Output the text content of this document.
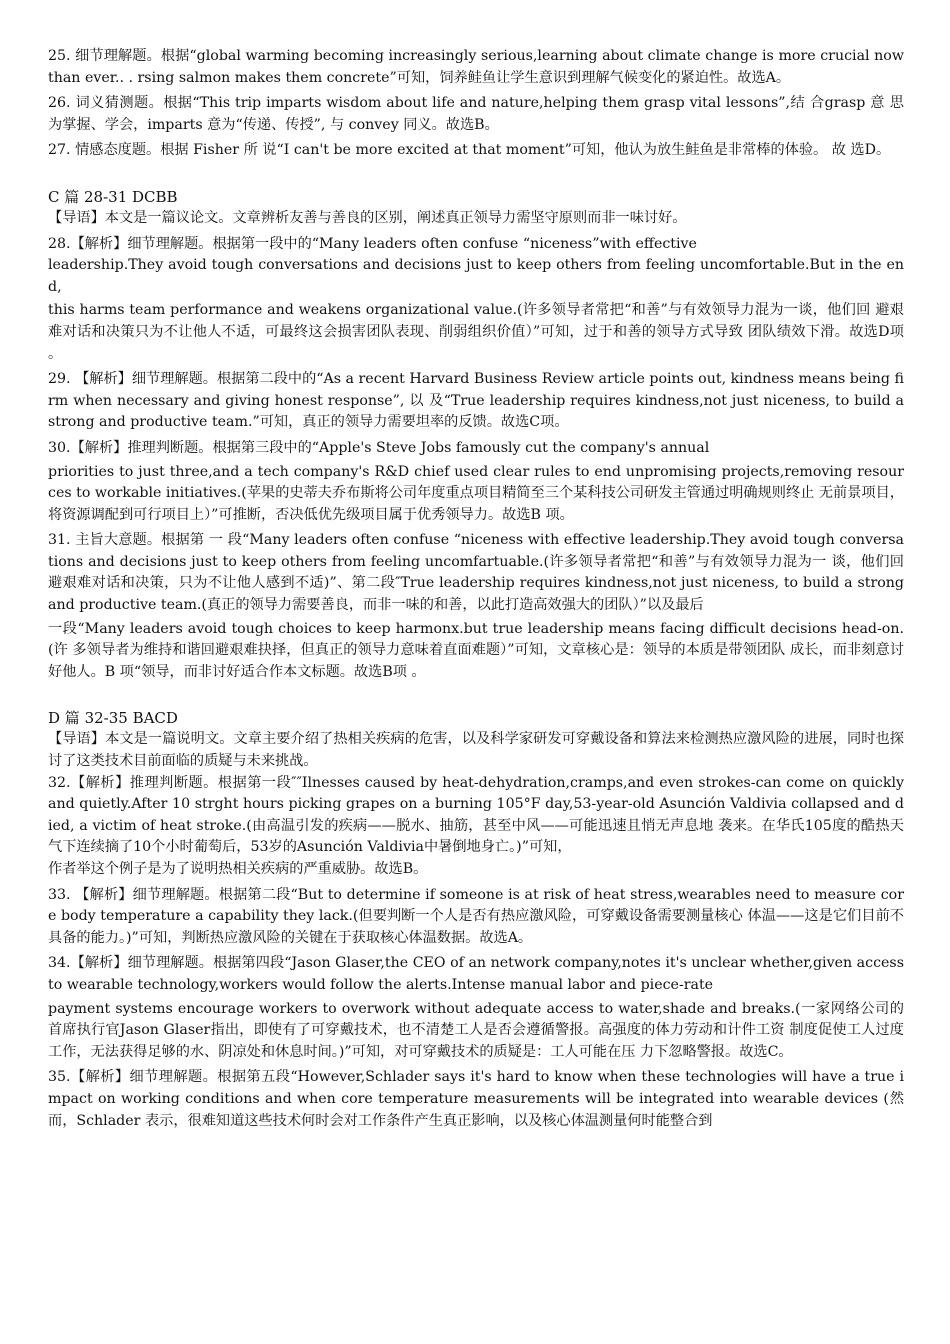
25. 细节理解题。根据“global warming becoming increasingly serious,learning about climate change is more crucial now than ever.. . rsing salmon makes them concrete”可知，饲养鲑鱼让学生意识到理解气候变化的紧迫性。故选A。

26. 词义猜测题。根据“This trip imparts wisdom about life and nature,helping them grasp vital lessons”,结 合grasp 意 思为掌握、学会，imparts 意为“传递、传授”, 与 convey 同义。故选B。

27. 情感态度题。根据 Fisher 所 说“I can't be more excited at that moment”可知，他认为放生鲑鱼是非常棒的体验。 故 选D。

C 篇 28-31 DCBB

【导语】本文是一篇议论文。文章辨析友善与善良的区别，阐述真正领导力需坚守原则而非一味讨好。

28.【解析】细节理解题。根据第一段中的“Many leaders often confuse “niceness”with effective

leadership.They avoid tough conversations and decisions just to keep others from feeling uncomfortable.But in the end,

this harms team performance and weakens organizational value.(许多领导者常把“和善”与有效领导力混为一谈，他们回 避艰难对话和决策只为不让他人不适，可最终这会损害团队表现、削弱组织价值）”可知，过于和善的领导方式导致 团队绩效下滑。故选D项 。

29. 【解析】细节理解题。根据第二段中的“As a recent Harvard Business Review article points out, kindness means being firm when necessary and giving honest response”, 以 及“True leadership requires kindness,not just niceness, to build a strong and productive team.”可知，真正的领导力需要坦率的反馈。故选C项。

30.【解析】推理判断题。根据第三段中的“Apple's Steve Jobs famously cut the company's annual

priorities to just three,and a tech company's R&D chief used clear rules to end unpromising projects,removing resources to workable initiatives.(苹果的史蒂夫乔布斯将公司年度重点项目精简至三个某科技公司研发主管通过明确规则终止 无前景项目，将资源调配到可行项目上）”可推断，否决低优先级项目属于优秀领导力。故选B 项。

31. 主旨大意题。根据第 一 段“Many leaders often confuse “niceness with effective leadership.They avoid tough conversations and decisions just to keep others from feeling uncomfartuable.(许多领导者常把“和善”与有效领导力混为一 谈，他们回避艰难对话和决策，只为不让他人感到不适)”、第二段″True leadership requires kindness,not just niceness, to build a strong and productive team.(真正的领导力需要善良，而非一味的和善，以此打造高效强大的团队）”以及最后

一段“Many leaders avoid tough choices to keep harmonx.but true leadership means facing difficult decisions head-on.(许 多领导者为维持和谐回避艰难抉择，但真正的领导力意味着直面难题）”可知，文章核心是：领导的本质是带领团队 成长，而非刻意讨好他人。B 项“领导，而非讨好适合作本文标题。故选B项 。

D 篇 32-35 BACD

【导语】本文是一篇说明文。文章主要介绍了热相关疾病的危害，以及科学家研发可穿戴设备和算法来检测热应激风险的进展，同时也探讨了这类技术目前面临的质疑与未来挑战。

32.【解析】推理判断题。根据第一段″″Ilnesses caused by heat-dehydration,cramps,and even strokes-can come on quickly and quietly.After 10 strght hours picking grapes on a burning 105°F day,53-year-old Asunción Valdivia collapsed and died, a victim of heat stroke.(由高温引发的疾病——脱水、抽筋，甚至中风——可能迅速且悄无声息地 袭来。在华氏105度的酷热天气下连续摘了10个小时葡萄后，53岁的Asunción Valdivia中暑倒地身亡。)”可知，

作者举这个例子是为了说明热相关疾病的严重威胁。故选B。

33. 【解析】细节理解题。根据第二段“But to determine if someone is at risk of heat stress,wearables need to measure core body temperature a capability they lack.(但要判断一个人是否有热应激风险，可穿戴设备需要测量核心 体温——这是它们目前不具备的能力。)”可知，判断热应激风险的关键在于获取核心体温数据。故选A。

34.【解析】细节理解题。根据第四段“Jason Glaser,the CEO of an network company,notes it's unclear whether,given access to wearable technology,workers would follow the alerts.Intense manual labor and piece-rate

payment systems encourage workers to overwork without adequate access to water,shade and breaks.(一家网络公司的首席执行官Jason Glaser指出，即使有了可穿戴技术，也不清楚工人是否会遵循警报。高强度的体力劳动和计件工资 制度促使工人过度工作，无法获得足够的水、阴凉处和休息时间。)”可知，对可穿戴技术的质疑是：工人可能在压 力下忽略警报。故选C。

35.【解析】细节理解题。根据第五段“However,Schlader says it's hard to know when these technologies will have a true impact on working conditions and when core temperature measurements will be integrated into wearable devices (然而，Schlader 表示，很难知道这些技术何时会对工作条件产生真正影响，以及核心体温测量何时能整合到
